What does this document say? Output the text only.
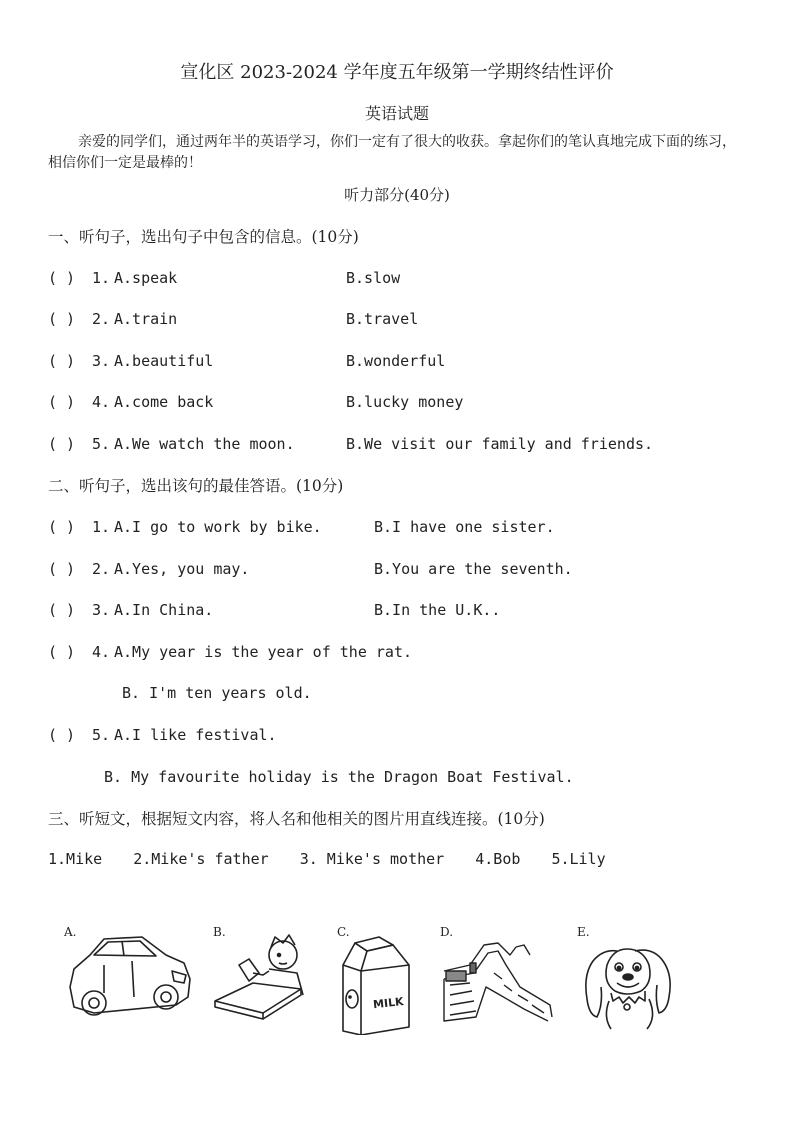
宣化区 2023-2024 学年度五年级第一学期终结性评价
英语试题
亲爱的同学们，通过两年半的英语学习，你们一定有了很大的收获。拿起你们的笔认真地完成下面的练习，相信你们一定是最棒的！
听力部分(40分)
一、听句子，选出句子中包含的信息。(10分)
( ) 1. A.speak	B.slow
( ) 2. A.train	B.travel
( ) 3. A.beautiful	B.wonderful
( ) 4. A.come back	B.lucky money
( ) 5. A.We watch the moon.	B.We visit our family and friends.
二、听句子，选出该句的最佳答语。(10分)
( ) 1. A.I go to work by bike.	B.I have one sister.
( ) 2. A.Yes, you may.	B.You are the seventh.
( ) 3. A.In China.	B.In the U.K..
( ) 4. A.My year is the year of the rat.
B. I'm ten years old.
( ) 5. A.I like festival.
B. My favourite holiday is the Dragon Boat Festival.
三、听短文，根据短文内容，将人名和他相关的图片用直线连接。(10分)
1.Mike 2.Mike's father 3. Mike's mother 4.Bob 5.Lily
A.	B.	C.
MILK
D.	E.
